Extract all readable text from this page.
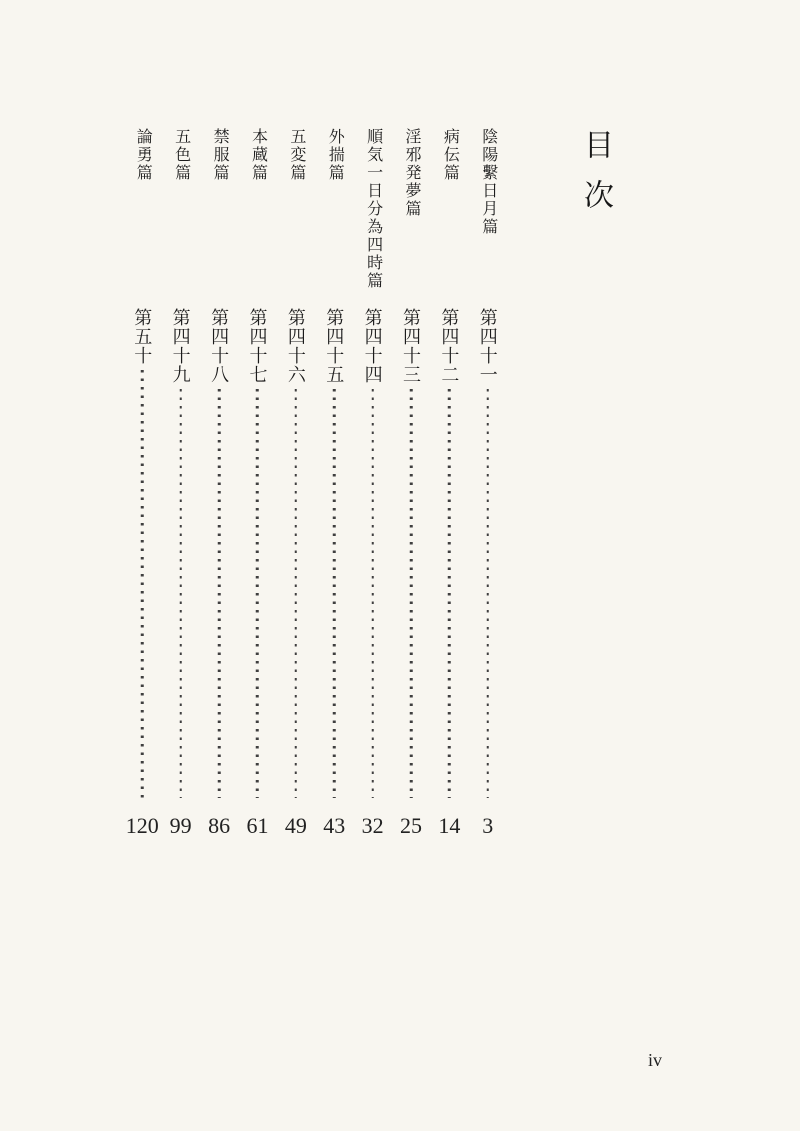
目次
陰陽繫日月篇
第四十一
3
病伝篇
第四十二
14
淫邪発夢篇
第四十三
25
順気一日分為四時篇
第四十四
32
外揣篇
第四十五
43
五変篇
第四十六
49
本蔵篇
第四十七
61
禁服篇
第四十八
86
五色篇
第四十九
99
論勇篇
第五十
120
iv
